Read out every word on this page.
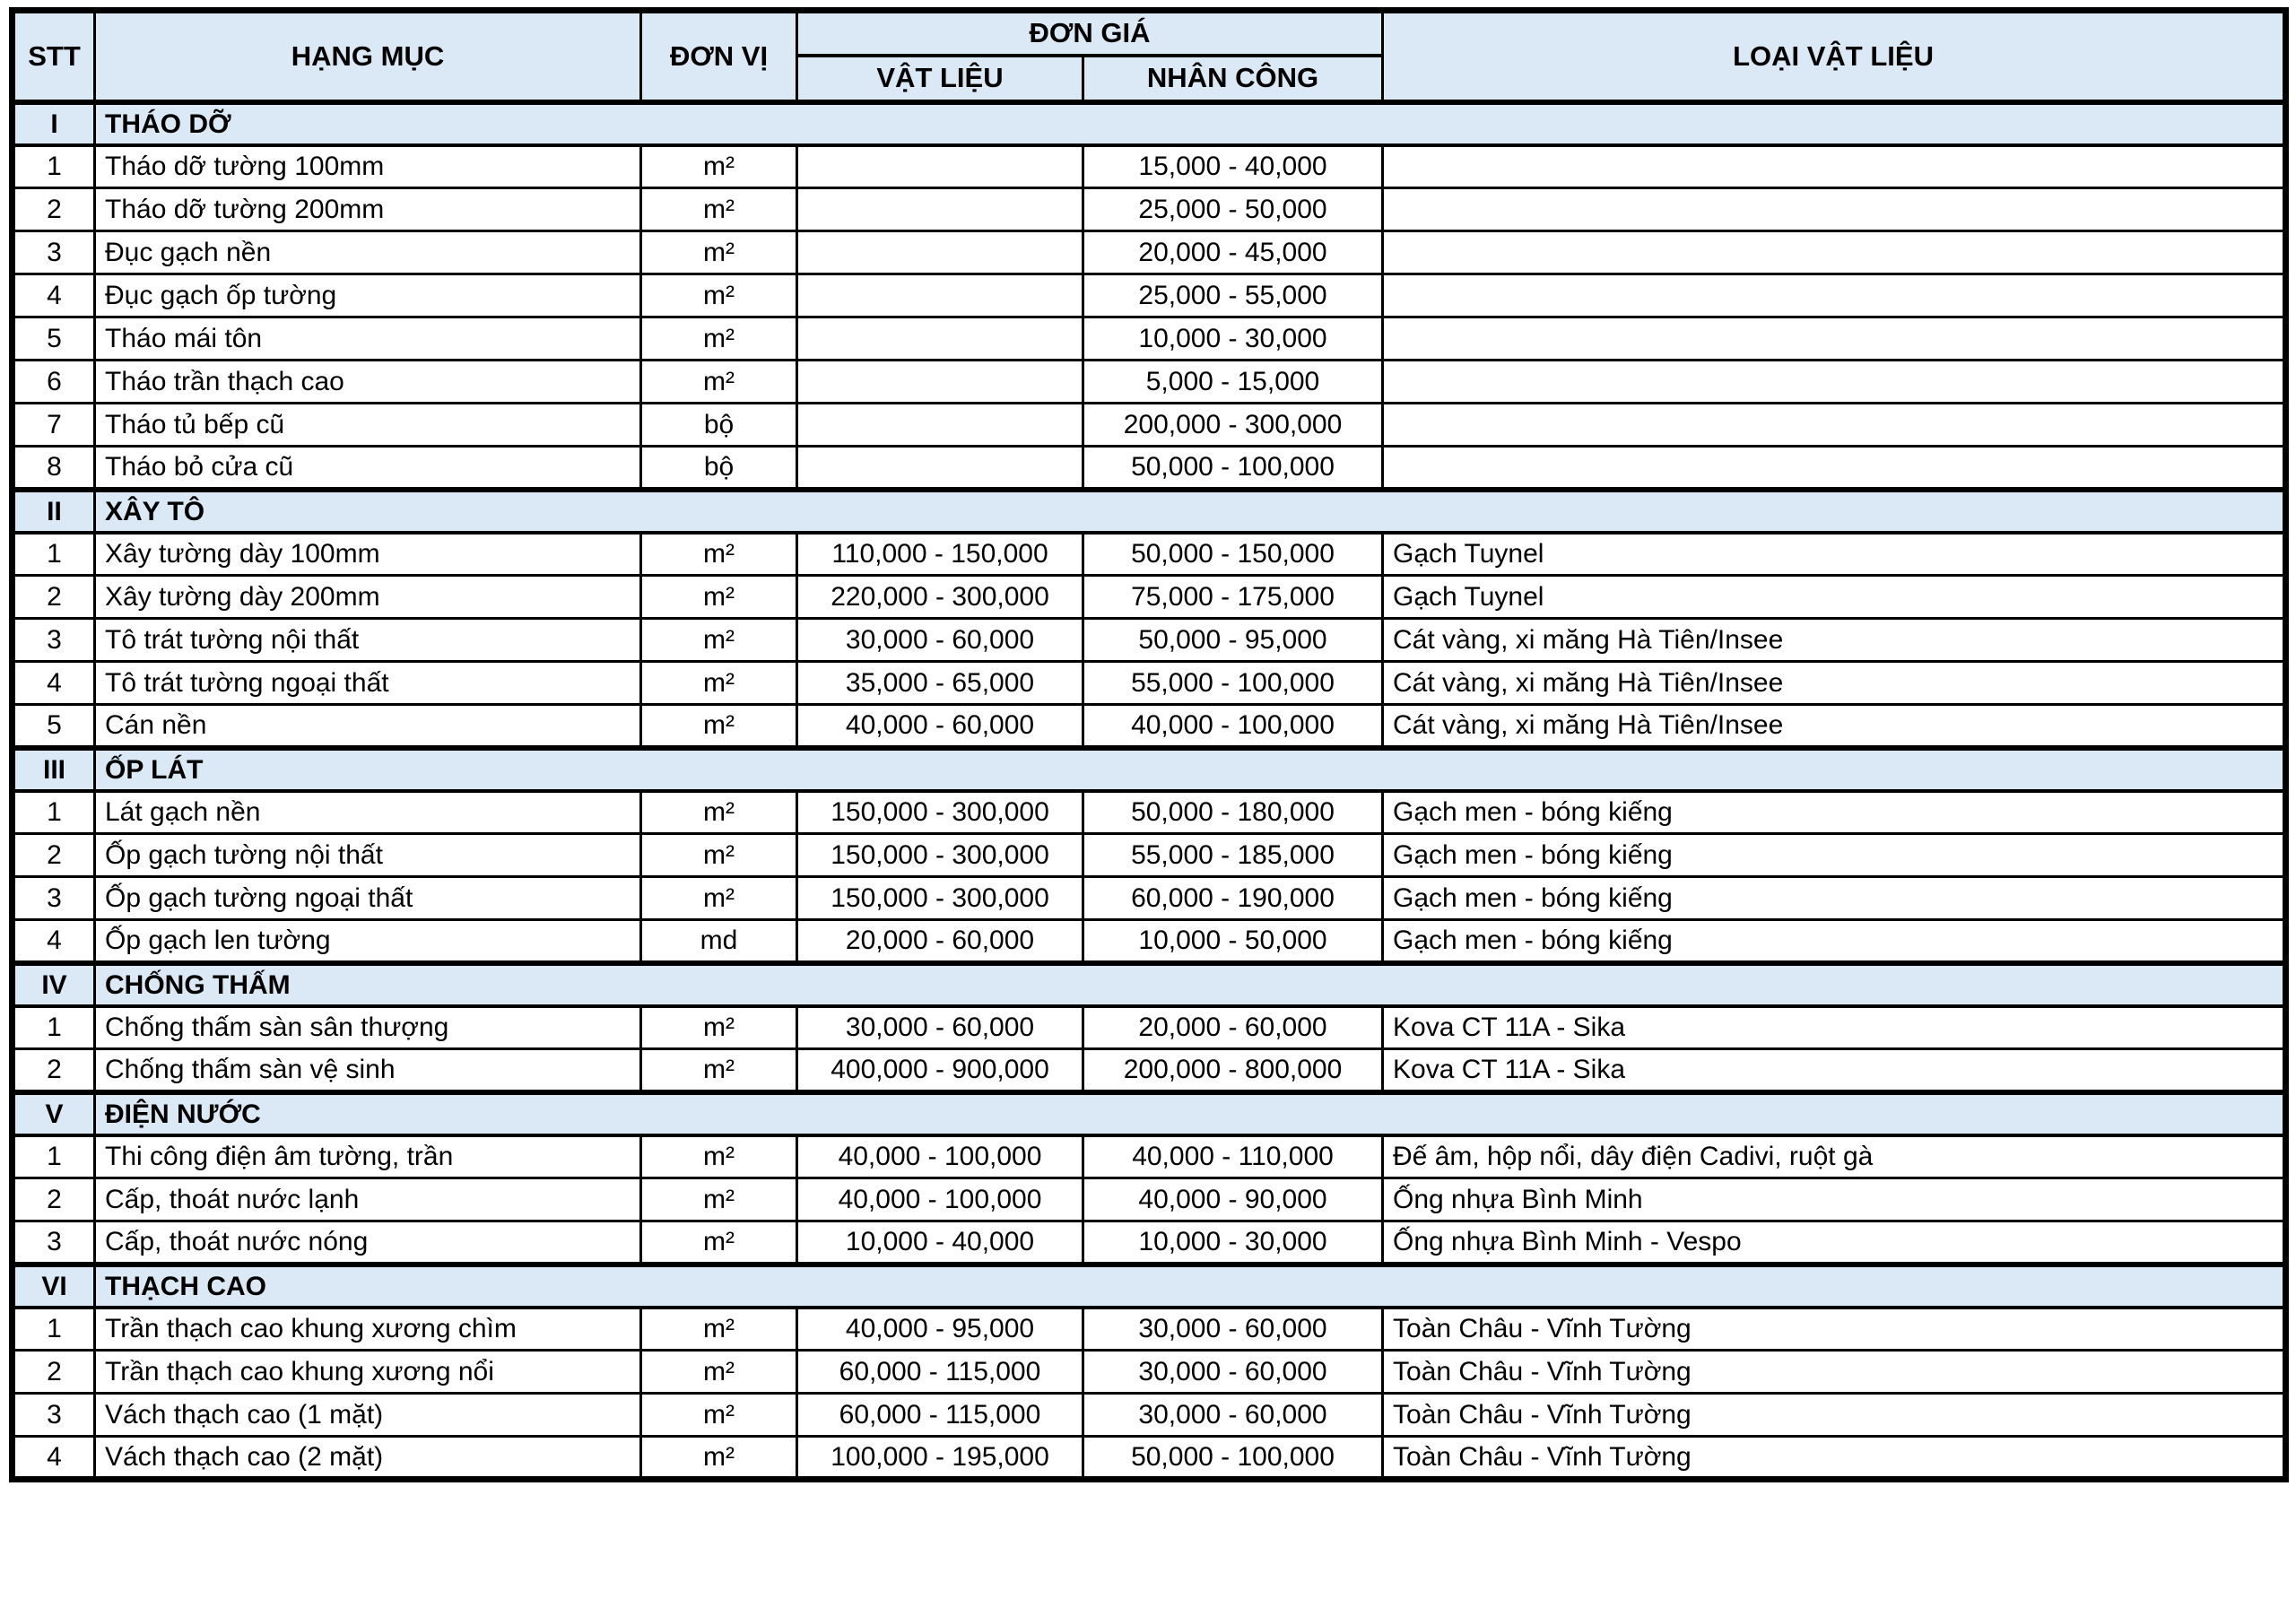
STT	HẠNG MỤC	ĐƠN VỊ	ĐƠN GIÁ		LOẠI VẬT LIỆU
			VẬT LIỆU	NHÂN CÔNG	
I	THÁO DỠ				
1	Tháo dỡ tường 100mm	m²		15,000 - 40,000	
2	Tháo dỡ tường 200mm	m²		25,000 - 50,000	
3	Đục gạch nền	m²		20,000 - 45,000	
4	Đục gạch ốp tường	m²		25,000 - 55,000	
5	Tháo mái tôn	m²		10,000 - 30,000	
6	Tháo trần thạch cao	m²		5,000 - 15,000	
7	Tháo tủ bếp cũ	bộ		200,000 - 300,000	
8	Tháo bỏ cửa cũ	bộ		50,000 - 100,000	
II	XÂY TÔ				
1	Xây tường dày 100mm	m²	110,000 - 150,000	50,000 - 150,000	Gạch Tuynel
2	Xây tường dày 200mm	m²	220,000 - 300,000	75,000 - 175,000	Gạch Tuynel
3	Tô trát tường nội thất	m²	30,000 - 60,000	50,000 - 95,000	Cát vàng, xi măng Hà Tiên/Insee
4	Tô trát tường ngoại thất	m²	35,000 - 65,000	55,000 - 100,000	Cát vàng, xi măng Hà Tiên/Insee
5	Cán nền	m²	40,000 - 60,000	40,000 - 100,000	Cát vàng, xi măng Hà Tiên/Insee
III	ỐP LÁT				
1	Lát gạch nền	m²	150,000 - 300,000	50,000 - 180,000	Gạch men - bóng kiếng
2	Ốp gạch tường nội thất	m²	150,000 - 300,000	55,000 - 185,000	Gạch men - bóng kiếng
3	Ốp gạch tường ngoại thất	m²	150,000 - 300,000	60,000 - 190,000	Gạch men - bóng kiếng
4	Ốp gạch len tường	md	20,000 - 60,000	10,000 - 50,000	Gạch men - bóng kiếng
IV	CHỐNG THẤM				
1	Chống thấm sàn sân thượng	m²	30,000 - 60,000	20,000 - 60,000	Kova CT 11A - Sika
2	Chống thấm sàn vệ sinh	m²	400,000 - 900,000	200,000 - 800,000	Kova CT 11A - Sika
V	ĐIỆN NƯỚC				
1	Thi công điện âm tường, trần	m²	40,000 - 100,000	40,000 - 110,000	Đế âm, hộp nổi, dây điện Cadivi, ruột gà
2	Cấp, thoát nước lạnh	m²	40,000 - 100,000	40,000 - 90,000	Ống nhựa Bình Minh
3	Cấp, thoát nước nóng	m²	10,000 - 40,000	10,000 - 30,000	Ống nhựa Bình Minh - Vespo
VI	THẠCH CAO				
1	Trần thạch cao khung xương chìm	m²	40,000 - 95,000	30,000 - 60,000	Toàn Châu - Vĩnh Tường
2	Trần thạch cao khung xương nổi	m²	60,000 - 115,000	30,000 - 60,000	Toàn Châu - Vĩnh Tường
3	Vách thạch cao (1 mặt)	m²	60,000 - 115,000	30,000 - 60,000	Toàn Châu - Vĩnh Tường
4	Vách thạch cao (2 mặt)	m²	100,000 - 195,000	50,000 - 100,000	Toàn Châu - Vĩnh Tường
